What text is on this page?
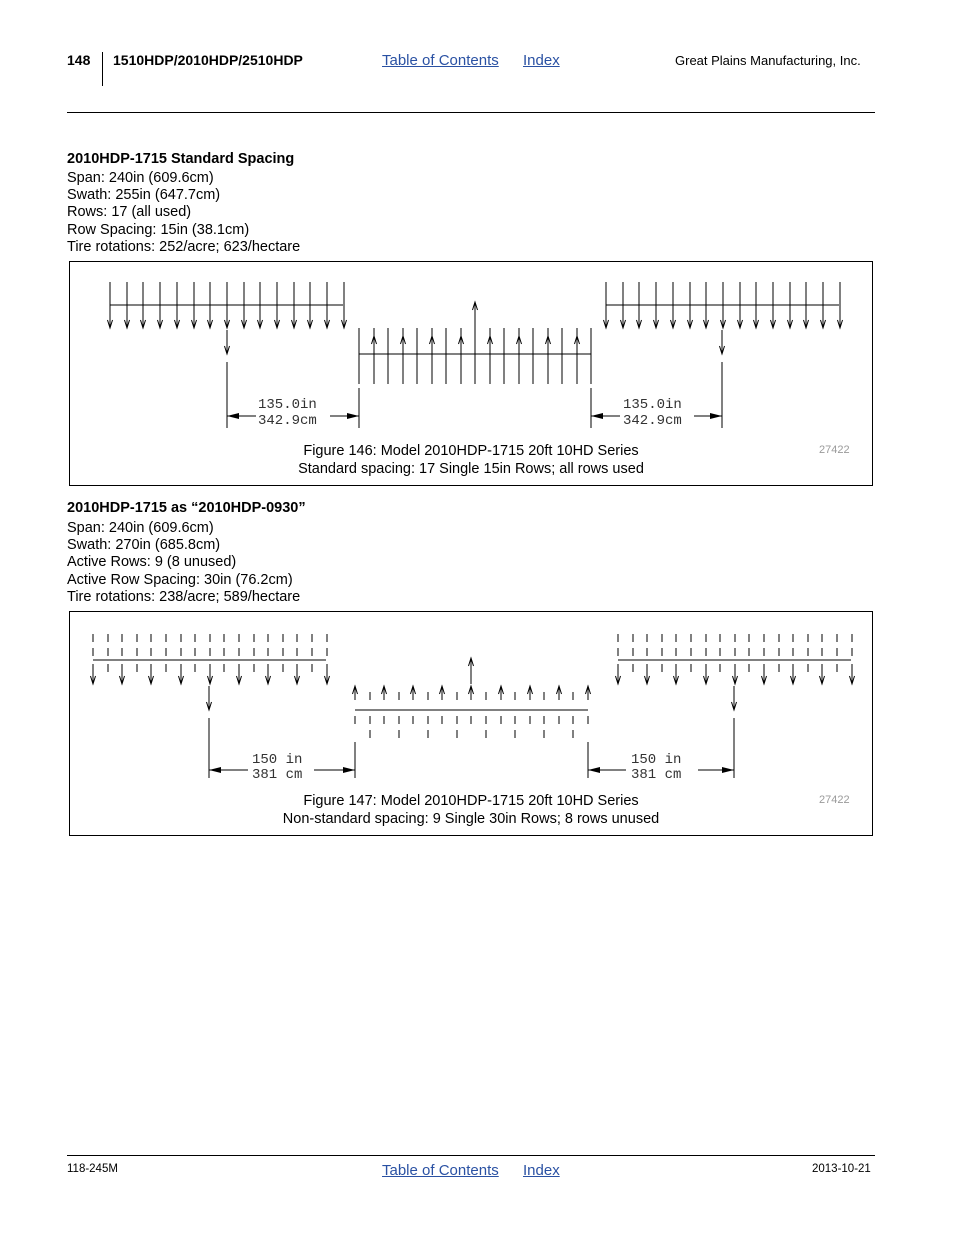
148 1510HDP/2010HDP/2510HDP	Table of Contents Index	Great Plains Manufacturing, Inc.
2010HDP-1715 Standard Spacing
Span: 240in (609.6cm)
Swath: 255in (647.7cm)
Rows: 17 (all used)
Row Spacing: 15in (38.1cm)
Tire rotations: 252/acre; 623/hectare
135.0in
342.9cm
135.0in
342.9cm
Figure 146: Model 2010HDP-1715 20ft 10HD Series
Standard spacing: 17 Single 15in Rows; all rows used
27422
2010HDP-1715 as “2010HDP-0930”
Span: 240in (609.6cm)
Swath: 270in (685.8cm)
Active Rows: 9 (8 unused)
Active Row Spacing: 30in (76.2cm)
Tire rotations: 238/acre; 589/hectare
150 in
381 cm
150 in
381 cm
Figure 147: Model 2010HDP-1715 20ft 10HD Series
Non-standard spacing: 9 Single 30in Rows; 8 rows unused
27422
118-245M	Table of Contents Index	2013-10-21
